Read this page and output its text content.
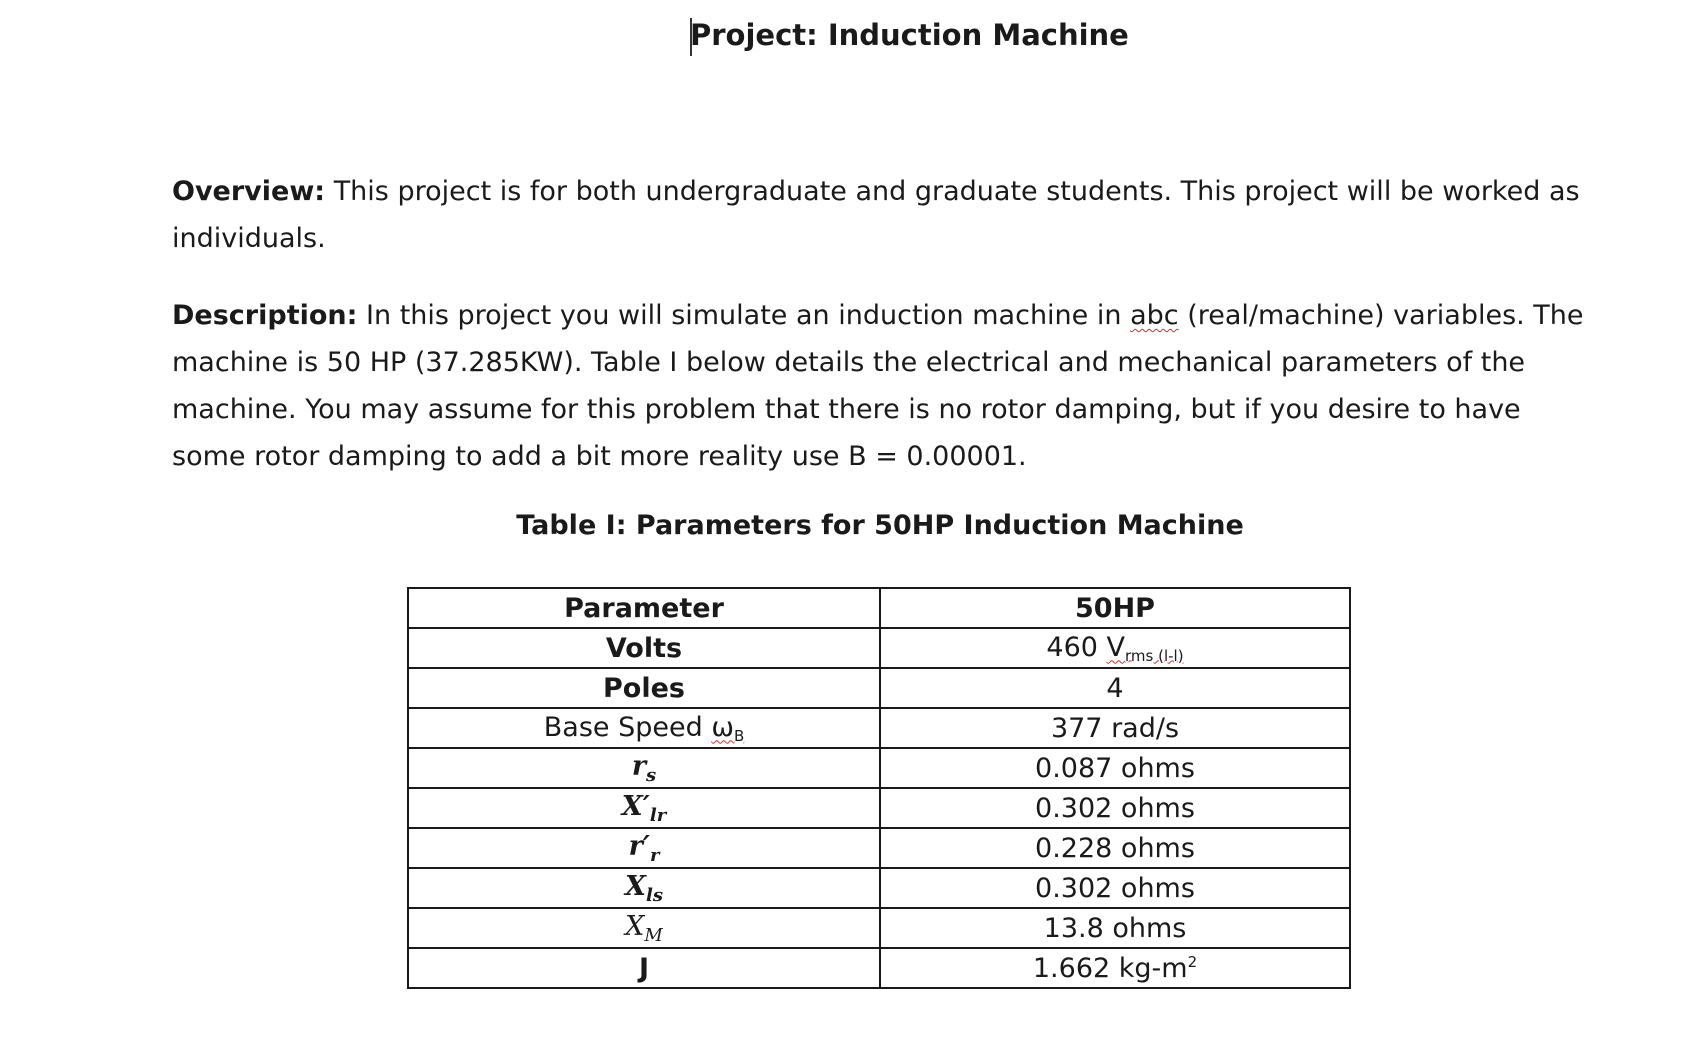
Project: Induction Machine
Overview: This project is for both undergraduate and graduate students. This project will be worked as
individuals.
Description: In this project you will simulate an induction machine in abc (real/machine) variables. The
machine is 50 HP (37.285KW). Table I below details the electrical and mechanical parameters of the
machine. You may assume for this problem that there is no rotor damping, but if you desire to have
some rotor damping to add a bit more reality use B = 0.00001.
Table I: Parameters for 50HP Induction Machine
Parameter	50HP
Volts	460 $V_{rms (l-l)}$
Poles	4
Base Speed $\omega_B$	377 rad/s
$r_s$	0.087 ohms
$X'_{lr}$	0.302 ohms
$r'_r$	0.228 ohms
$X_{ls}$	0.302 ohms
$X_M$	13.8 ohms
J	1.662 $kg-m^2$
